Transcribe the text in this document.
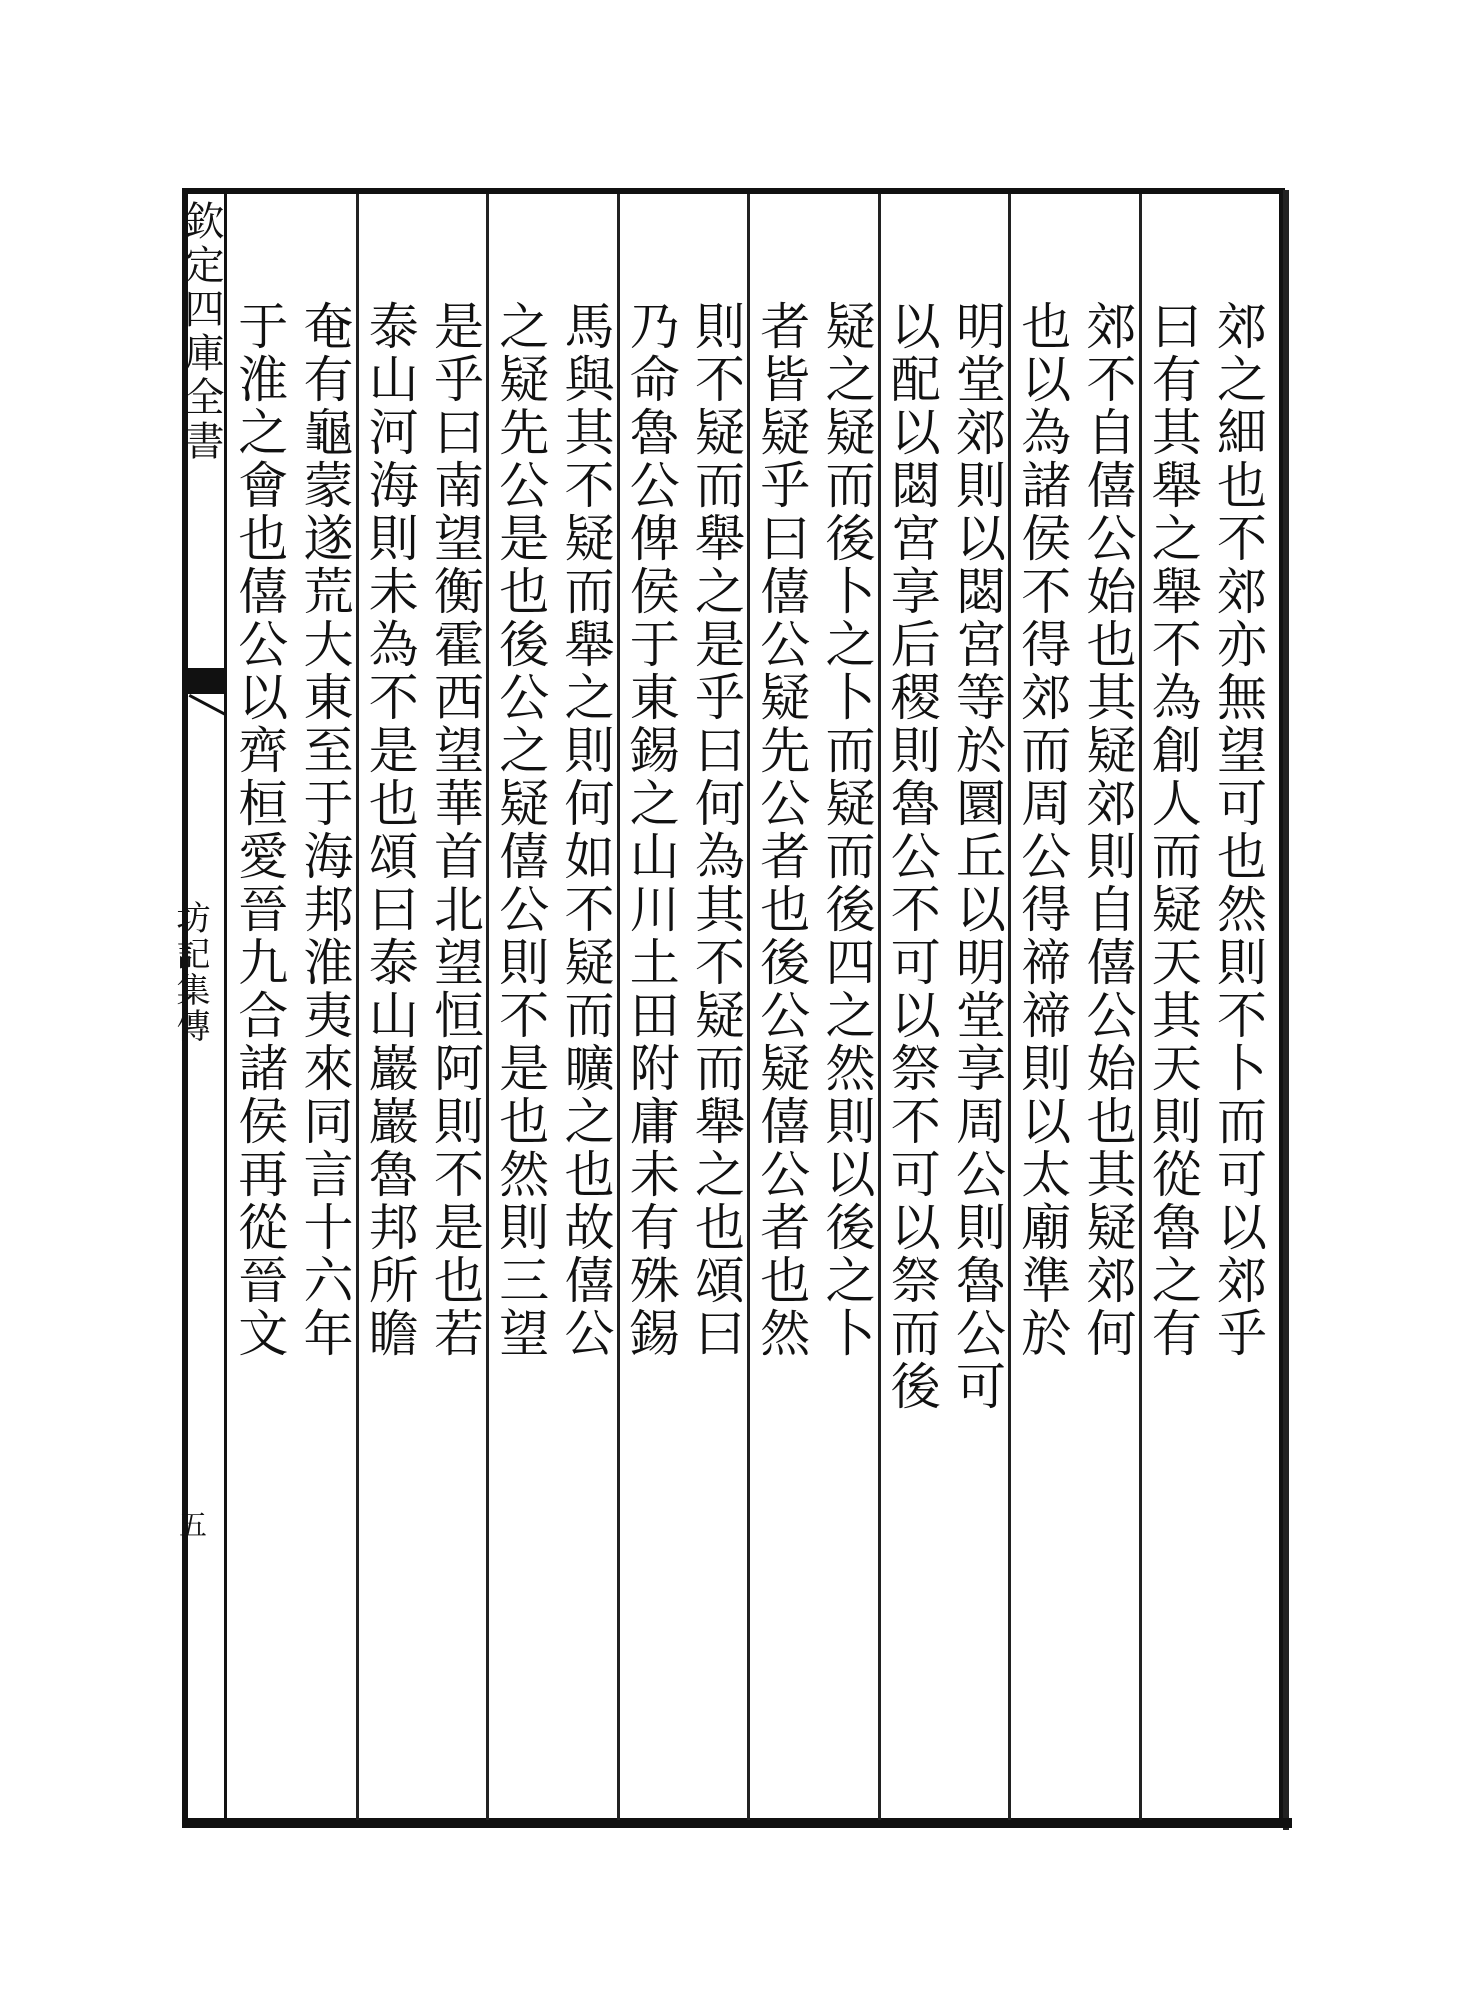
欽定四庫全書
坊記集傳
五
郊之細也不郊亦無望可也然則不卜而可以郊乎
曰有其舉之舉不為創人而疑天其天則從魯之有
郊不自僖公始也其疑郊則自僖公始也其疑郊何
也以為諸侯不得郊而周公得禘禘則以太廟準於
明堂郊則以閟宮等於圜丘以明堂享周公則魯公可
以配以閟宮享后稷則魯公不可以祭不可以祭而後
疑之疑而後卜之卜而疑而後四之然則以後之卜
者皆疑乎曰僖公疑先公者也後公疑僖公者也然
則不疑而舉之是乎曰何為其不疑而舉之也頌曰
乃命魯公俾侯于東錫之山川土田附庸未有殊錫
馬與其不疑而舉之則何如不疑而曠之也故僖公
之疑先公是也後公之疑僖公則不是也然則三望
是乎曰南望衡霍西望華首北望恒阿則不是也若
泰山河海則未為不是也頌曰泰山巖巖魯邦所瞻
奄有龜蒙遂荒大東至于海邦淮夷來同言十六年
于淮之會也僖公以齊桓愛晉九合諸侯再從晉文
